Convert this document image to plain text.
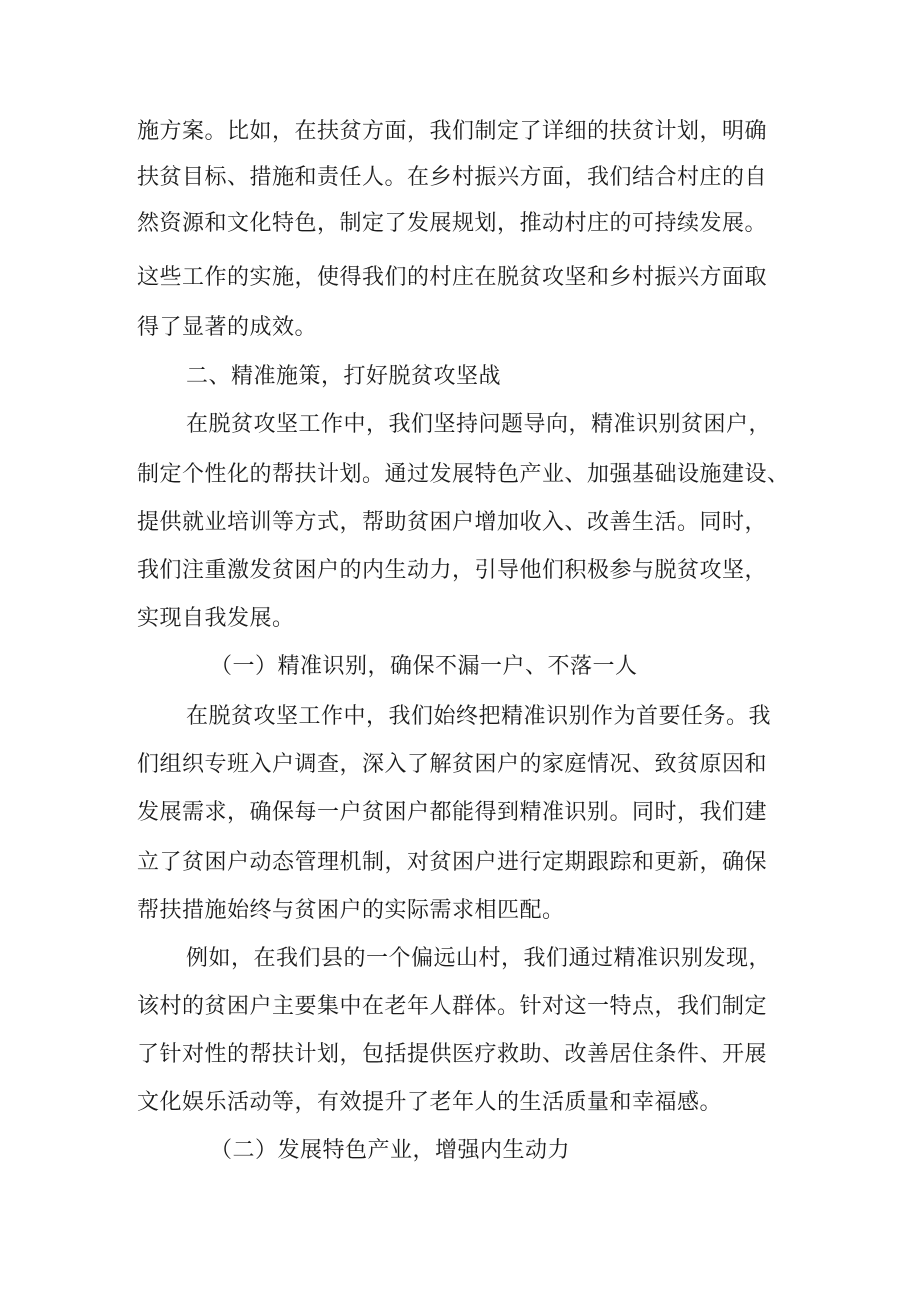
施方案。比如，在扶贫方面，我们制定了详细的扶贫计划，明确
扶贫目标、措施和责任人。在乡村振兴方面，我们结合村庄的自
然资源和文化特色，制定了发展规划，推动村庄的可持续发展。
这些工作的实施，使得我们的村庄在脱贫攻坚和乡村振兴方面取
得了显著的成效。
二、精准施策，打好脱贫攻坚战
在脱贫攻坚工作中，我们坚持问题导向，精准识别贫困户，
制定个性化的帮扶计划。通过发展特色产业、加强基础设施建设、
提供就业培训等方式，帮助贫困户增加收入、改善生活。同时，
我们注重激发贫困户的内生动力，引导他们积极参与脱贫攻坚，
实现自我发展。
（一）精准识别，确保不漏一户、不落一人
在脱贫攻坚工作中，我们始终把精准识别作为首要任务。我
们组织专班入户调查，深入了解贫困户的家庭情况、致贫原因和
发展需求，确保每一户贫困户都能得到精准识别。同时，我们建
立了贫困户动态管理机制，对贫困户进行定期跟踪和更新，确保
帮扶措施始终与贫困户的实际需求相匹配。
例如，在我们县的一个偏远山村，我们通过精准识别发现，
该村的贫困户主要集中在老年人群体。针对这一特点，我们制定
了针对性的帮扶计划，包括提供医疗救助、改善居住条件、开展
文化娱乐活动等，有效提升了老年人的生活质量和幸福感。
（二）发展特色产业，增强内生动力
